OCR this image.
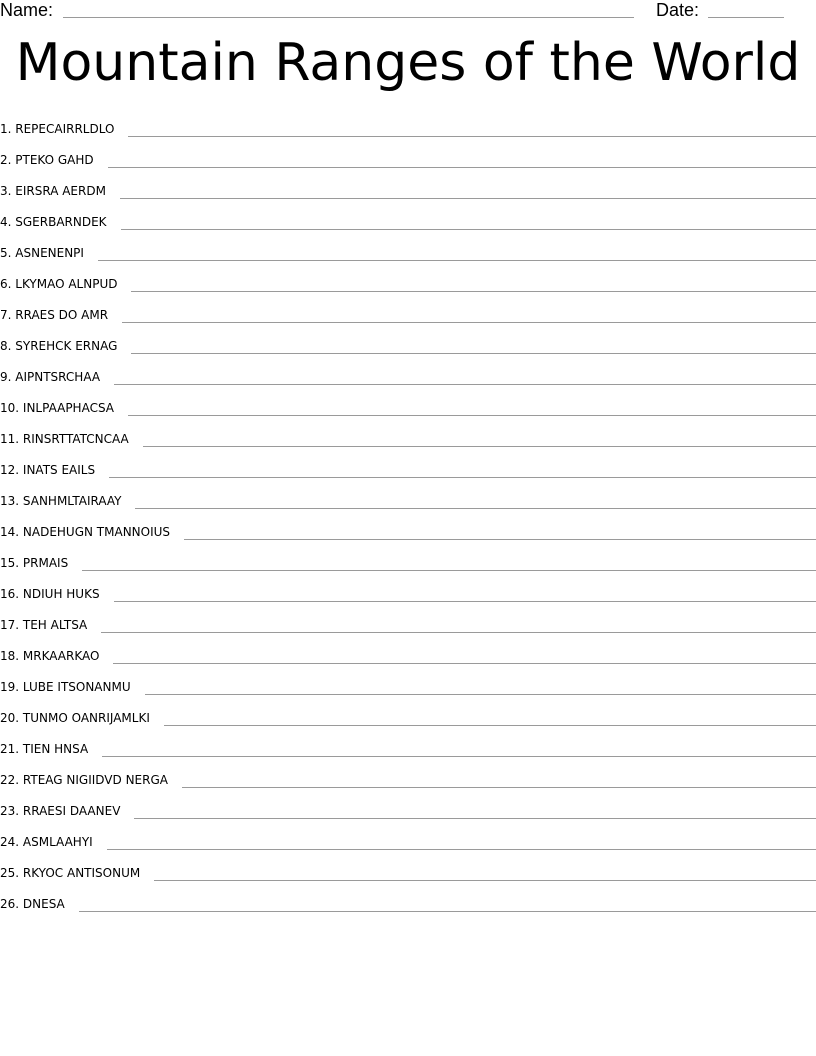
Name:	Date:
Mountain Ranges of the World
1. REPECAIRRLDLO
2. PTEKO GAHD
3. EIRSRA AERDM
4. SGERBARNDEK
5. ASNENENPI
6. LKYMAO ALNPUD
7. RRAES DO AMR
8. SYREHCK ERNAG
9. AIPNTSRCHAA
10. INLPAAPHACSA
11. RINSRTTATCNCAA
12. INATS EAILS
13. SANHMLTAIRAAY
14. NADEHUGN TMANNOIUS
15. PRMAIS
16. NDIUH HUKS
17. TEH ALTSA
18. MRKAARKAO
19. LUBE ITSONANMU
20. TUNMO OANRIJAMLKI
21. TIEN HNSA
22. RTEAG NIGIIDVD NERGA
23. RRAESI DAANEV
24. ASMLAAHYI
25. RKYOC ANTISONUM
26. DNESA
